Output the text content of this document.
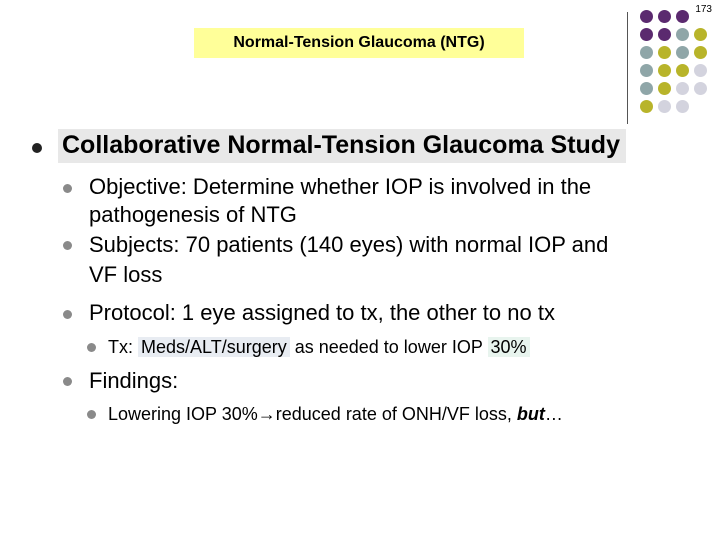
173
Normal-Tension Glaucoma (NTG)
Collaborative Normal-Tension Glaucoma Study
Objective: Determine whether IOP is involved in the
pathogenesis of NTG
Subjects: 70 patients (140 eyes) with normal IOP and
VF loss
Protocol: 1 eye assigned to tx, the other to no tx
Tx: Meds/ALT/surgery as needed to lower IOP 30%
Findings:
Lowering IOP 30%→reduced rate of ONH/VF loss, but…
